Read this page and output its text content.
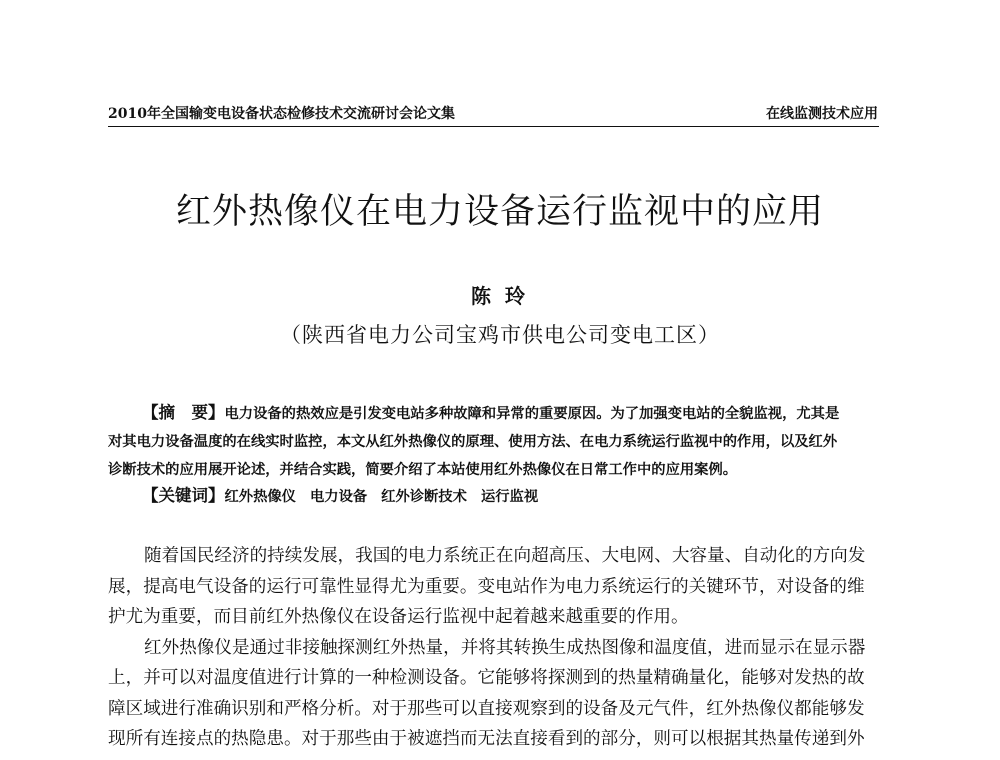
2010年全国输变电设备状态检修技术交流研讨会论文集	在线监测技术应用
红外热像仪在电力设备运行监视中的应用
陈玲
（陕西省电力公司宝鸡市供电公司变电工区）
【摘　要】电力设备的热效应是引发变电站多种故障和异常的重要原因。为了加强变电站的全貌监视，尤其是
对其电力设备温度的在线实时监控，本文从红外热像仪的原理、使用方法、在电力系统运行监视中的作用，以及红外
诊断技术的应用展开论述，并结合实践，简要介绍了本站使用红外热像仪在日常工作中的应用案例。
【关键词】红外热像仪 电力设备 红外诊断技术 运行监视
随着国民经济的持续发展，我国的电力系统正在向超高压、大电网、大容量、自动化的方向发
展，提高电气设备的运行可靠性显得尤为重要。变电站作为电力系统运行的关键环节，对设备的维
护尤为重要，而目前红外热像仪在设备运行监视中起着越来越重要的作用。
红外热像仪是通过非接触探测红外热量，并将其转换生成热图像和温度值，进而显示在显示器
上，并可以对温度值进行计算的一种检测设备。它能够将探测到的热量精确量化，能够对发热的故
障区域进行准确识别和严格分析。对于那些可以直接观察到的设备及元气件，红外热像仪都能够发
现所有连接点的热隐患。对于那些由于被遮挡而无法直接看到的部分，则可以根据其热量传递到外
